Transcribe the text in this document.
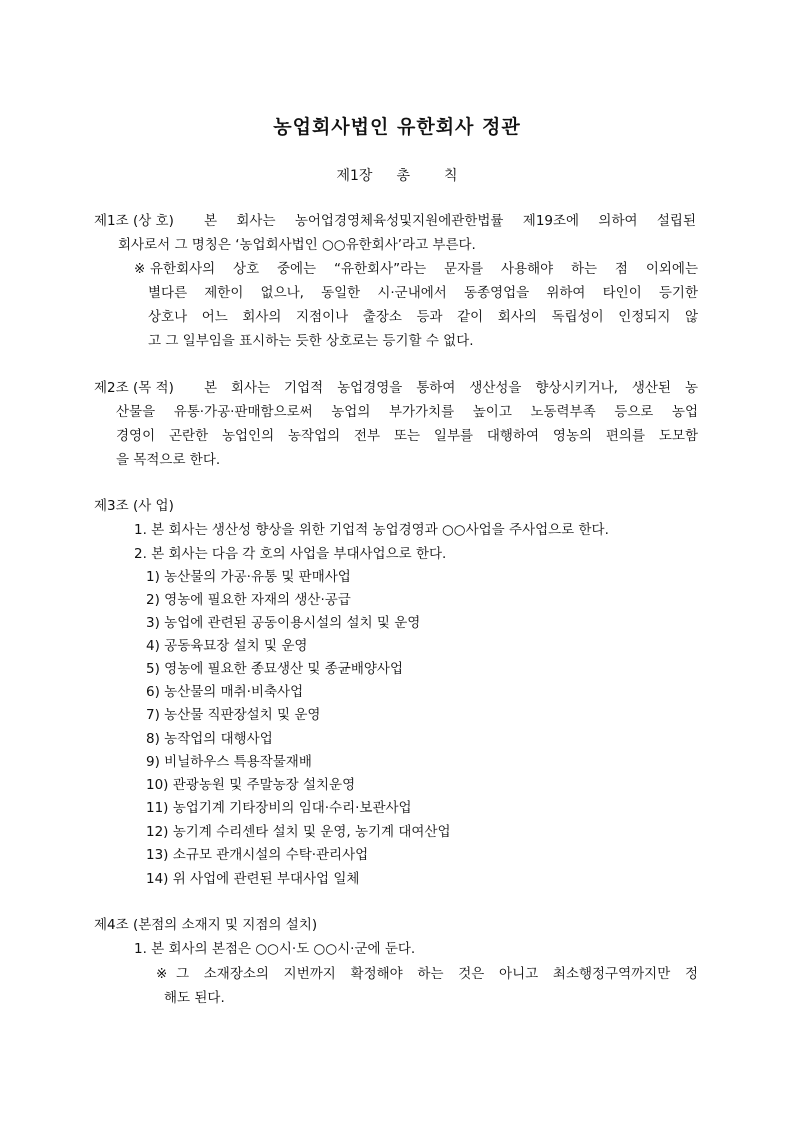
농업회사법인 유한회사 정관
제1장 총 칙
제1조 (상 호) 본 회사는 농어업경영체육성및지원에관한법률 제19조에 의하여 설립된
회사로서 그 명칭은 ‘농업회사법인 ○○유한회사’라고 부른다.
※ 유한회사의 상호 중에는 “유한회사”라는 문자를 사용해야 하는 점 이외에는
별다른 제한이 없으나, 동일한 시·군내에서 동종영업을 위하여 타인이 등기한
상호나 어느 회사의 지점이나 출장소 등과 같이 회사의 독립성이 인정되지 않
고 그 일부임을 표시하는 듯한 상호로는 등기할 수 없다.
제2조 (목 적) 본 회사는 기업적 농업경영을 통하여 생산성을 향상시키거나, 생산된 농
산물을 유통·가공·판매함으로써 농업의 부가가치를 높이고 노동력부족 등으로 농업
경영이 곤란한 농업인의 농작업의 전부 또는 일부를 대행하여 영농의 편의를 도모함
을 목적으로 한다.
제3조 (사 업)
1. 본 회사는 생산성 향상을 위한 기업적 농업경영과 ○○사업을 주사업으로 한다.
2. 본 회사는 다음 각 호의 사업을 부대사업으로 한다.
1) 농산물의 가공·유통 및 판매사업
2) 영농에 필요한 자재의 생산·공급
3) 농업에 관련된 공동이용시설의 설치 및 운영
4) 공동육묘장 설치 및 운영
5) 영농에 필요한 종묘생산 및 종균배양사업
6) 농산물의 매취·비축사업
7) 농산물 직판장설치 및 운영
8) 농작업의 대행사업
9) 비닐하우스 특용작물재배
10) 관광농원 및 주말농장 설치운영
11) 농업기계 기타장비의 임대·수리·보관사업
12) 농기계 수리센타 설치 및 운영, 농기계 대여산업
13) 소규모 관개시설의 수탁·관리사업
14) 위 사업에 관련된 부대사업 일체
제4조 (본점의 소재지 및 지점의 설치)
1. 본 회사의 본점은 ○○시·도 ○○시·군에 둔다.
※ 그 소재장소의 지번까지 확정해야 하는 것은 아니고 최소행정구역까지만 정
해도 된다.
